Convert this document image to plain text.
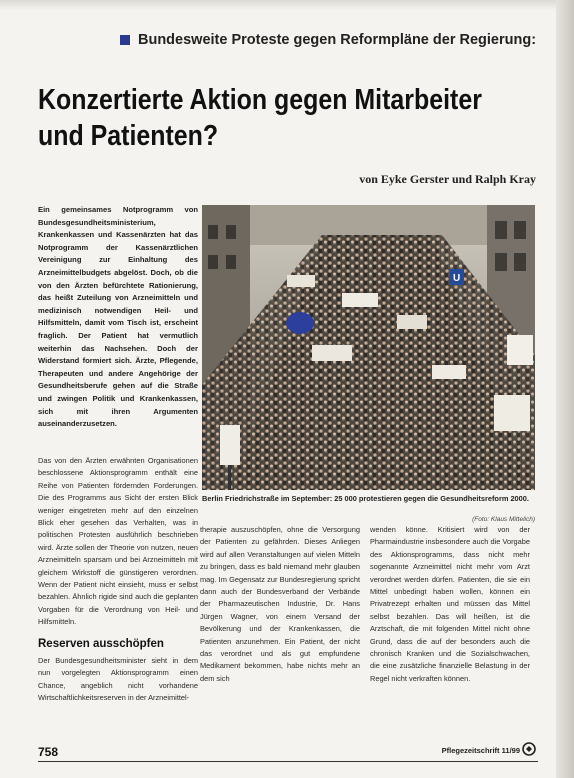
Bundesweite Proteste gegen Reformpläne der Regierung:
Konzertierte Aktion gegen Mitarbeiter
und Patienten?
von Eyke Gerster und Ralph Kray
Ein gemeinsames Notprogramm von Bundesgesundheitsministerium, Krankenkassen und Kassenärzten hat das Notprogramm der Kassenärztlichen Vereinigung zur Einhaltung des Arzneimittelbudgets abgelöst. Doch, ob die von den Ärzten befürchtete Rationierung, das heißt Zuteilung von Arzneimitteln und medizinisch notwendigen Heil- und Hilfsmitteln, damit vom Tisch ist, erscheint fraglich. Der Patient hat vermutlich weiterhin das Nachsehen. Doch der Widerstand formiert sich. Ärzte, Pflegende, Therapeuten und andere Angehörige der Gesundheitsberufe gehen auf die Straße und zwingen Politik und Krankenkassen, sich mit ihren Argumenten auseinanderzusetzen.
U
Berlin Friedrichstraße im September: 25 000 protestieren gegen die Gesundheitsreform 2000.
(Foto: Klaus Mittelich)
Das von den Ärzten erwähnten Organisationen beschlossene Aktionsprogramm enthält eine Reihe von Patienten fördernden Forderungen. Die des Programms aus Sicht der ersten Blick weniger eingetreten mehr auf den einzelnen Blick eher gesehen das Verhalten, was in politischen Protesten ausführlich beschrieben wird. Ärzte sollen der Theorie von nutzen, neuen Arzneimitteln sparsam und bei Arzneimitteln mit gleichem Wirkstoff die günstigeren verordnen. Wenn der Patient nicht einsieht, muss er selbst bezahlen. Ähnlich rigide sind auch die geplanten Vorgaben für die Verordnung von Heil- und Hilfsmitteln.
Reserven ausschöpfen
Der Bundesgesundheitsminister sieht in dem nun vorgelegten Aktionsprogramm einen Chance, angeblich nicht vorhandene Wirtschaftlichkeitsreserven in der Arzneimittel-
therapie auszuschöpfen, ohne die Versorgung der Patienten zu gefährden. Dieses Anliegen wird auf allen Veranstaltungen auf vielen Mitteln zu bringen, dass es bald niemand mehr glauben mag. Im Gegensatz zur Bundesregierung spricht dann auch der Bundesverband der Verbände der Pharmazeutischen Industrie, Dr. Hans Jürgen Wagner, von einem Versand der Bevölkerung und der Krankenkassen, die Patienten anzunehmen. Ein Patient, der nicht das verordnet und als gut empfundene Medikament bekommen, habe nichts mehr an dem sich
wenden könne. Kritisiert wird von der Pharmaindustrie insbesondere auch die Vorgabe des Aktionsprogramms, dass nicht mehr sogenannte Arzneimittel nicht mehr vom Arzt verordnet werden dürfen. Patienten, die sie ein Mittel unbedingt haben wollen, können ein Privatrezept erhalten und müssen das Mittel selbst bezahlen. Das will heißen, ist die Arztschaft, die mit folgenden Mittel nicht ohne Grund, dass die auf der besonders auch die chronisch Kranken und die Sozialschwachen, die eine zusätzliche finanzielle Belastung in der Regel nicht verkraften können.
758	Pflegezeitschrift 11/99
